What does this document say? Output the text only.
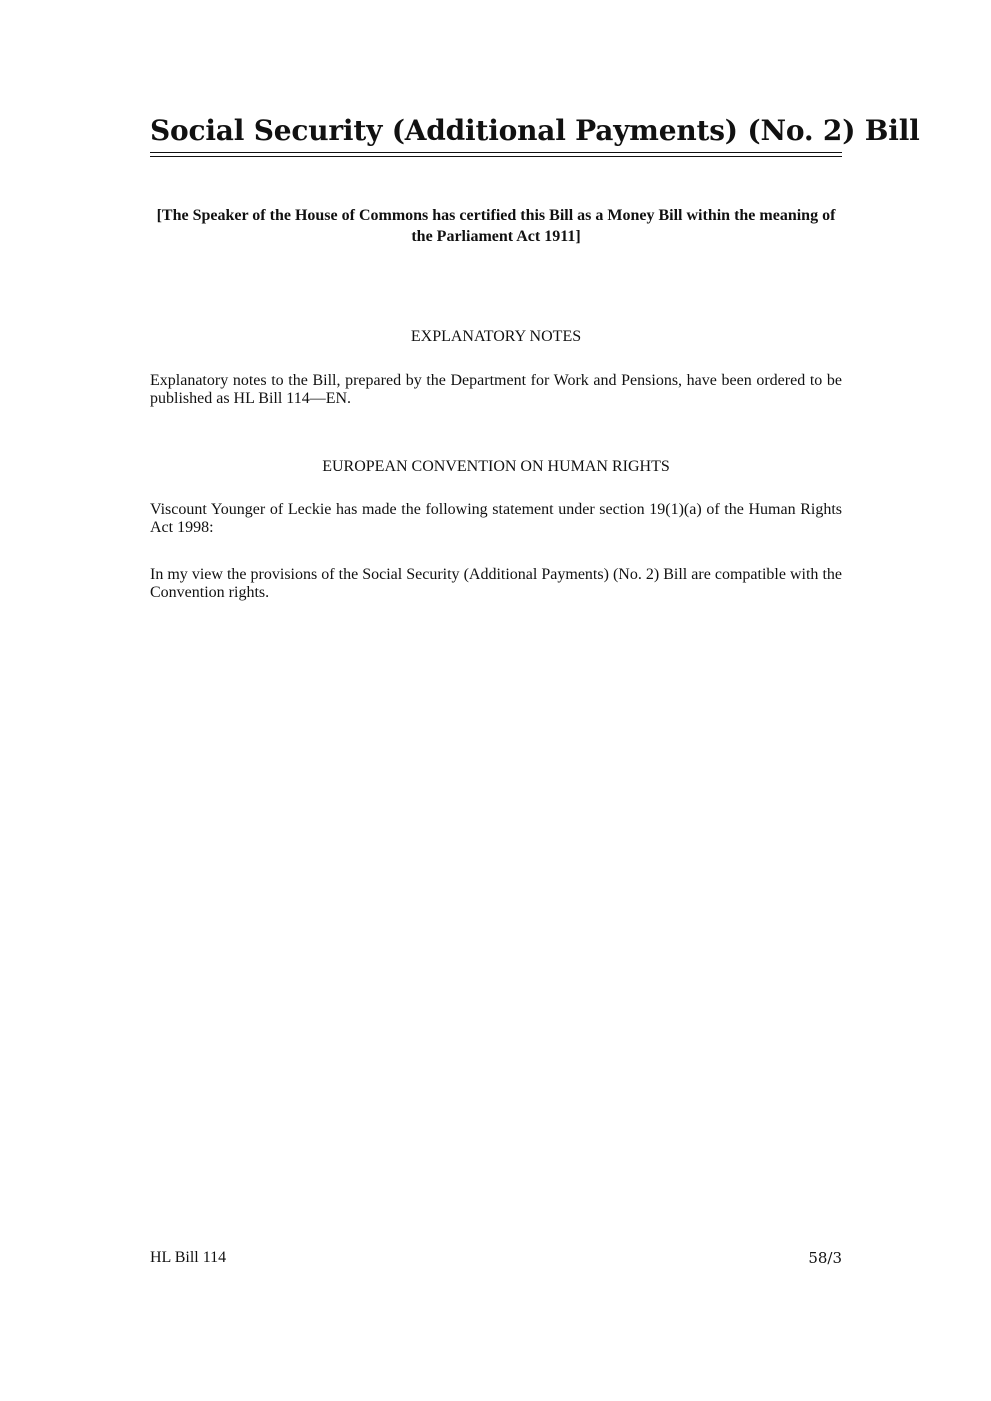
Social Security (Additional Payments) (No. 2) Bill

[The Speaker of the House of Commons has certified this Bill as a Money Bill within the meaning of the Parliament Act 1911]

EXPLANATORY NOTES

Explanatory notes to the Bill, prepared by the Department for Work and Pensions, have been ordered to be published as HL Bill 114—EN.

EUROPEAN CONVENTION ON HUMAN RIGHTS

Viscount Younger of Leckie has made the following statement under section 19(1)(a) of the Human Rights Act 1998:

In my view the provisions of the Social Security (Additional Payments) (No. 2) Bill are compatible with the Convention rights.

HL Bill 114	58/3
